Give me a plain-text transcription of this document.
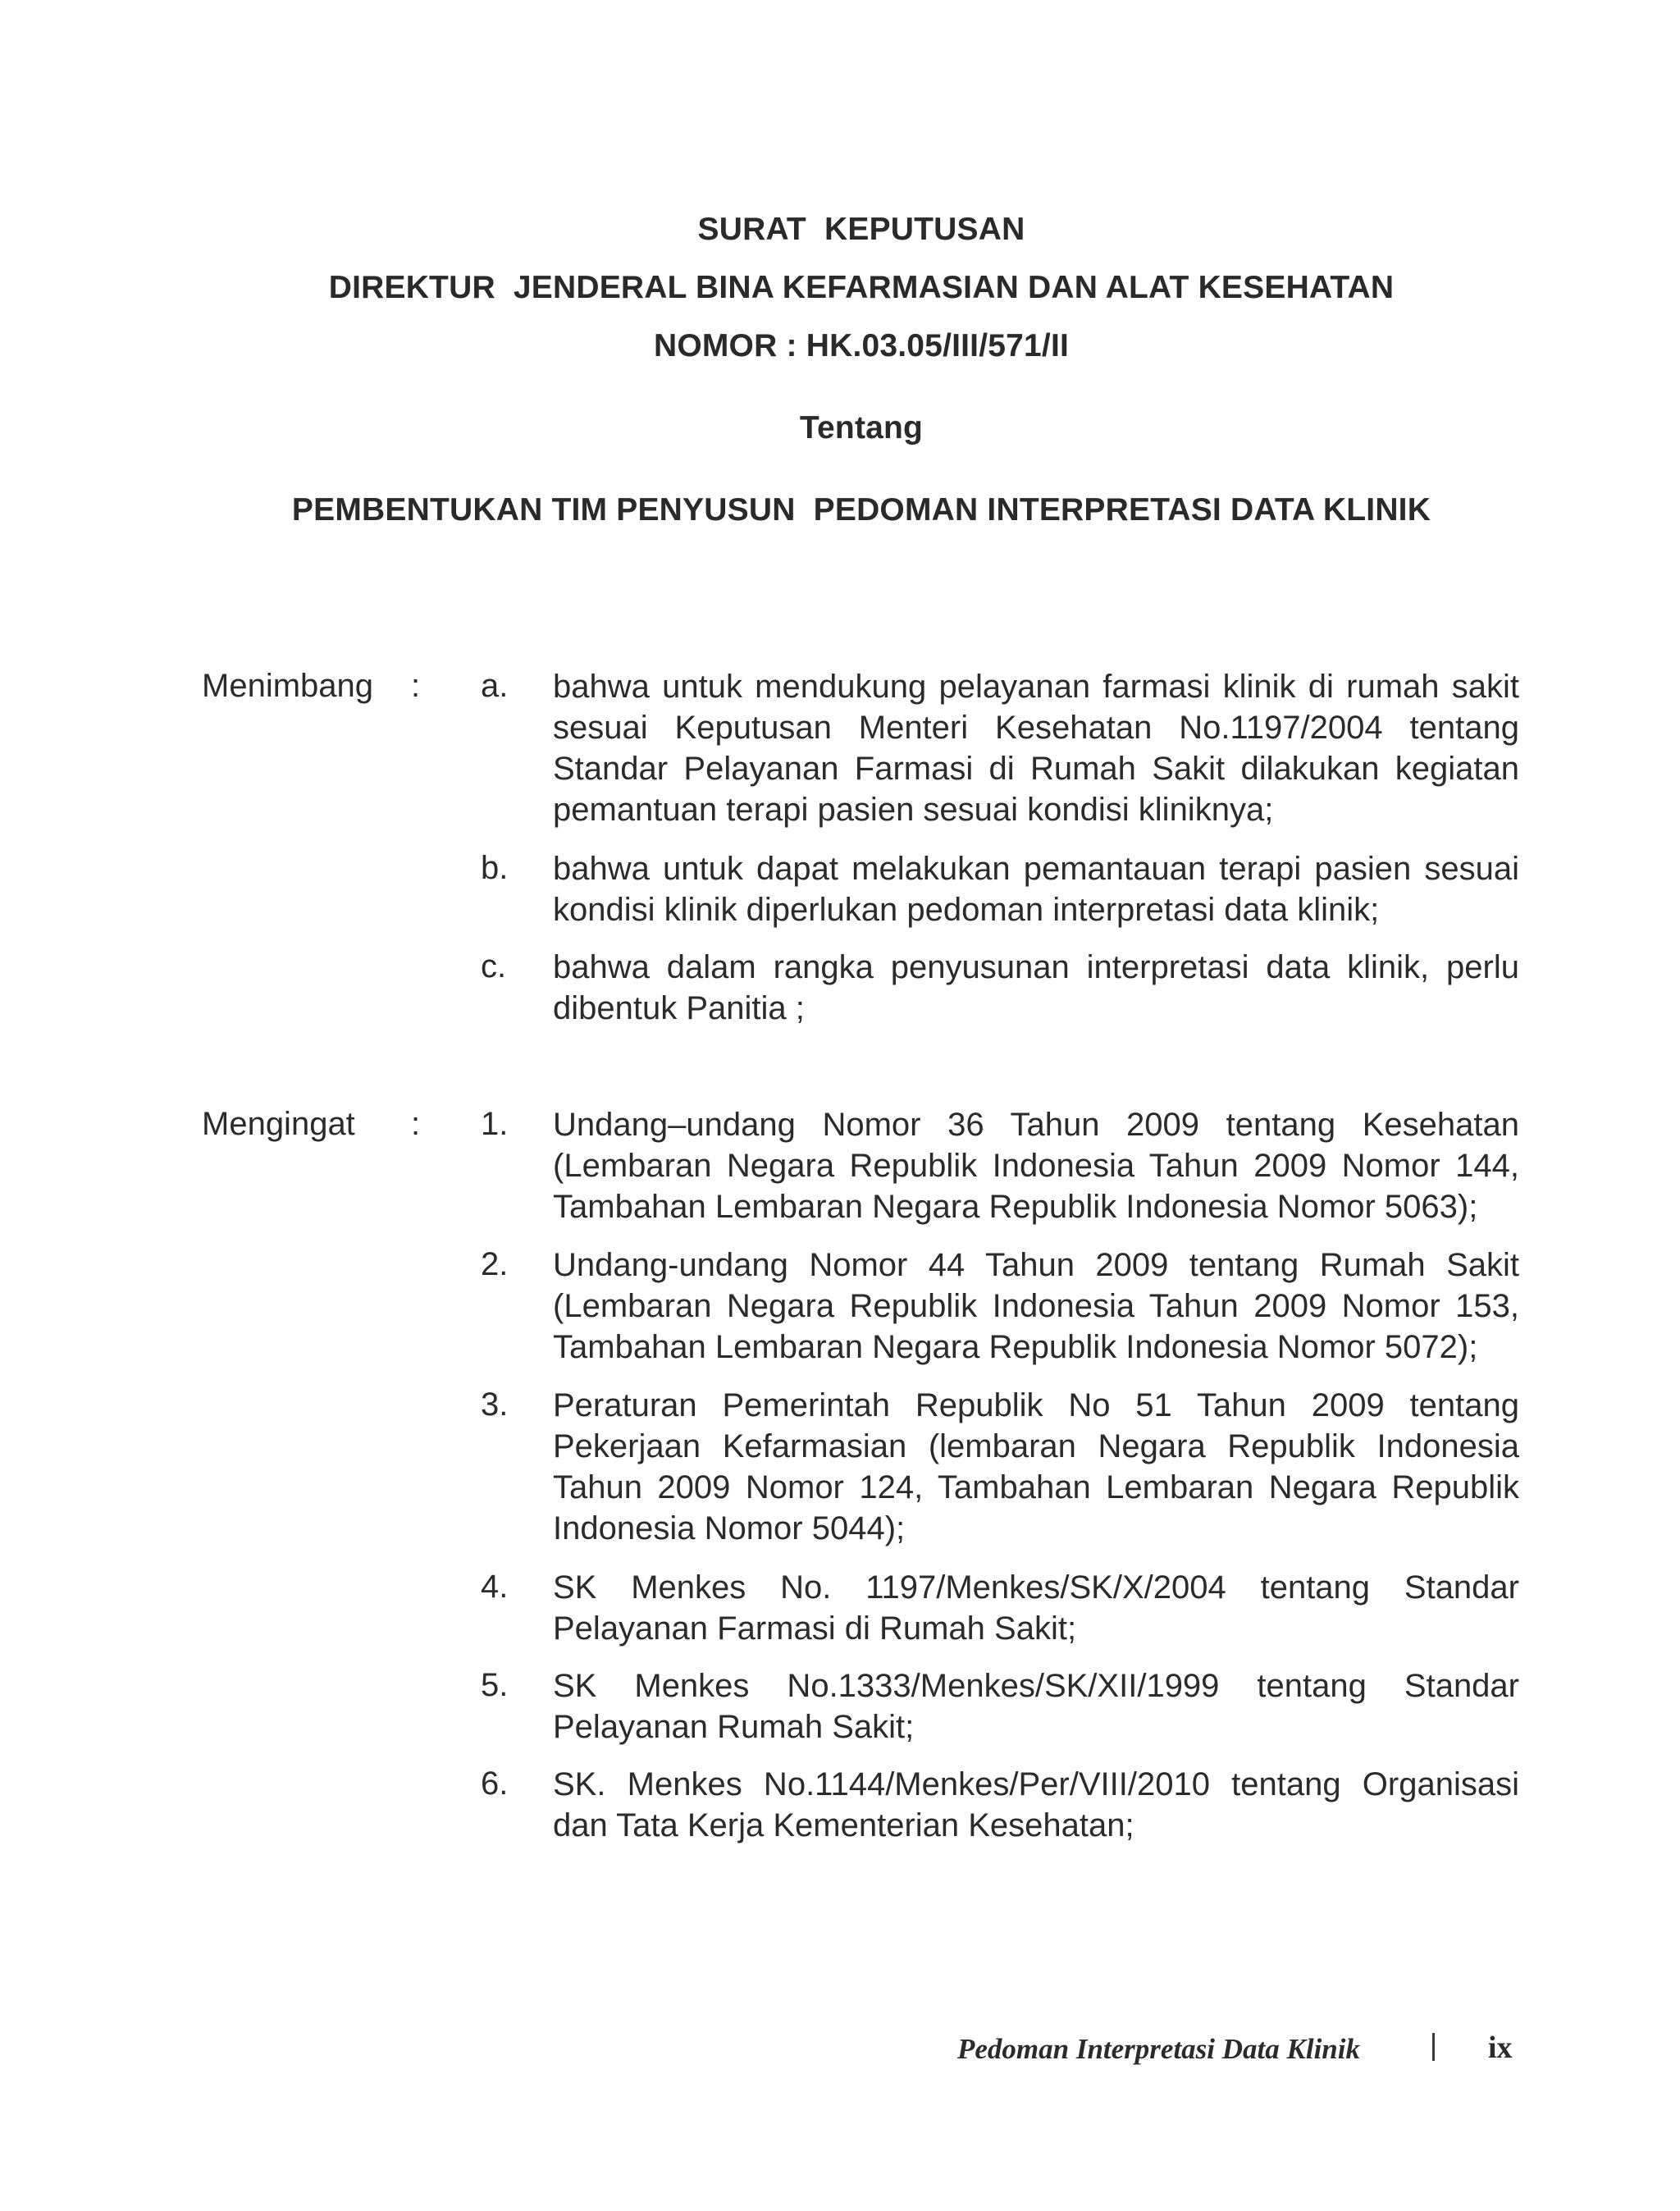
SURAT  KEPUTUSAN
DIREKTUR  JENDERAL BINA KEFARMASIAN DAN ALAT KESEHATAN
NOMOR : HK.03.05/III/571/II
Tentang
PEMBENTUKAN TIM PENYUSUN  PEDOMAN INTERPRETASI DATA KLINIK
Menimbang : a. bahwa untuk mendukung pelayanan farmasi klinik di rumah sakit
sesuai Keputusan Menteri Kesehatan No.1197/2004 tentang
Standar Pelayanan Farmasi di Rumah Sakit dilakukan kegiatan
pemantuan terapi pasien sesuai kondisi kliniknya;
b. bahwa untuk dapat melakukan pemantauan terapi pasien sesuai
kondisi klinik diperlukan pedoman interpretasi data klinik;
c. bahwa dalam rangka penyusunan interpretasi data klinik, perlu
dibentuk Panitia ;
Mengingat : 1. Undang–undang Nomor 36 Tahun 2009 tentang Kesehatan
(Lembaran Negara Republik Indonesia Tahun 2009 Nomor 144,
Tambahan Lembaran Negara Republik Indonesia Nomor 5063);
2. Undang-undang Nomor 44 Tahun 2009 tentang Rumah Sakit
(Lembaran Negara Republik Indonesia Tahun 2009 Nomor 153,
Tambahan Lembaran Negara Republik Indonesia Nomor 5072);
3. Peraturan Pemerintah Republik No 51 Tahun 2009 tentang
Pekerjaan Kefarmasian (lembaran Negara Republik Indonesia
Tahun 2009 Nomor 124, Tambahan Lembaran Negara Republik
Indonesia Nomor 5044);
4. SK Menkes No. 1197/Menkes/SK/X/2004 tentang Standar
Pelayanan Farmasi di Rumah Sakit;
5. SK Menkes No.1333/Menkes/SK/XII/1999 tentang Standar
Pelayanan Rumah Sakit;
6. SK. Menkes No.1144/Menkes/Per/VIII/2010 tentang Organisasi
dan Tata Kerja Kementerian Kesehatan;
Pedoman Interpretasi Data Klinik	ix
